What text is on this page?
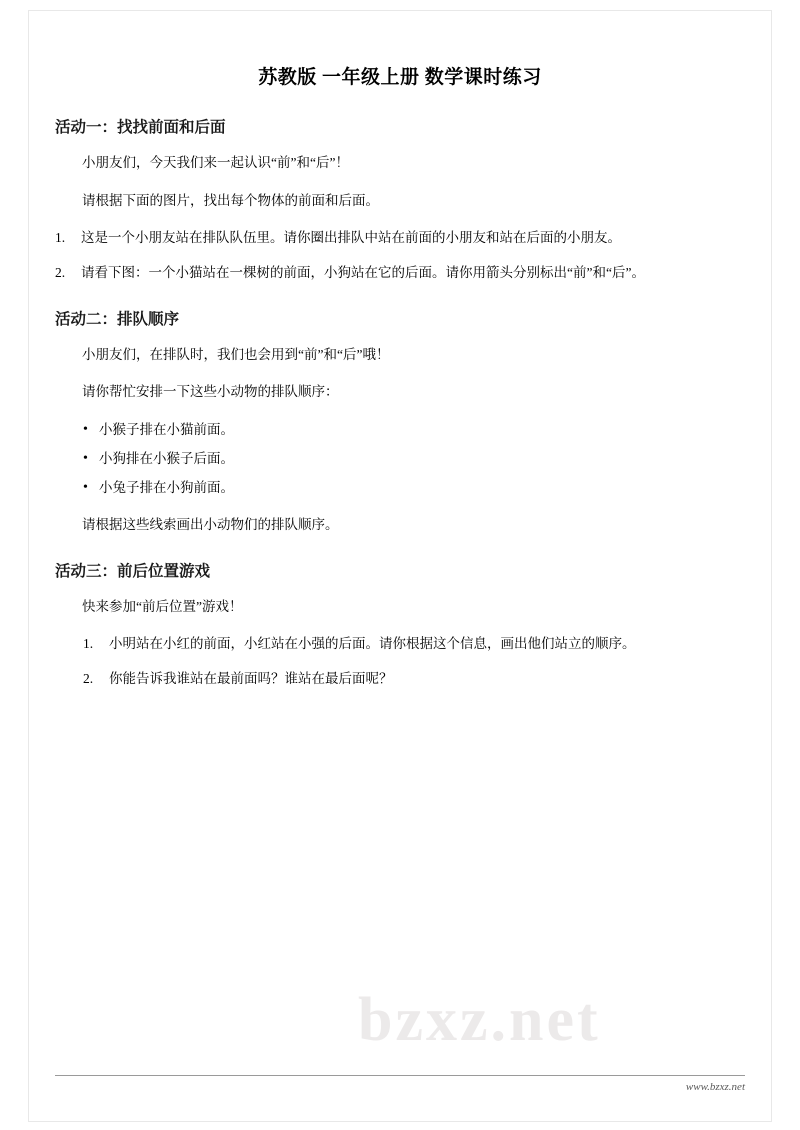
苏教版 一年级上册 数学课时练习
活动一：找找前面和后面

小朋友们，今天我们来一起认识“前”和“后”！

请根据下面的图片，找出每个物体的前面和后面。

1. 这是一个小朋友站在排队队伍里。请你圈出排队中站在前面的小朋友和站在后面的小朋友。
2. 请看下图：一个小猫站在一棵树的前面，小狗站在它的后面。请你用箭头分别标出“前”和“后”。
活动二：排队顺序

小朋友们，在排队时，我们也会用到“前”和“后”哦！

请你帮忙安排一下这些小动物的排队顺序：

• 小猴子排在小猫前面。
• 小狗排在小猴子后面。
• 小兔子排在小狗前面。

请根据这些线索画出小动物们的排队顺序。

活动三：前后位置游戏

快来参加“前后位置”游戏！

1. 小明站在小红的前面，小红站在小强的后面。请你根据这个信息，画出他们站立的顺序。
2. 你能告诉我谁站在最前面吗？谁站在最后面呢？
bzxz.net
www.bzxz.net
